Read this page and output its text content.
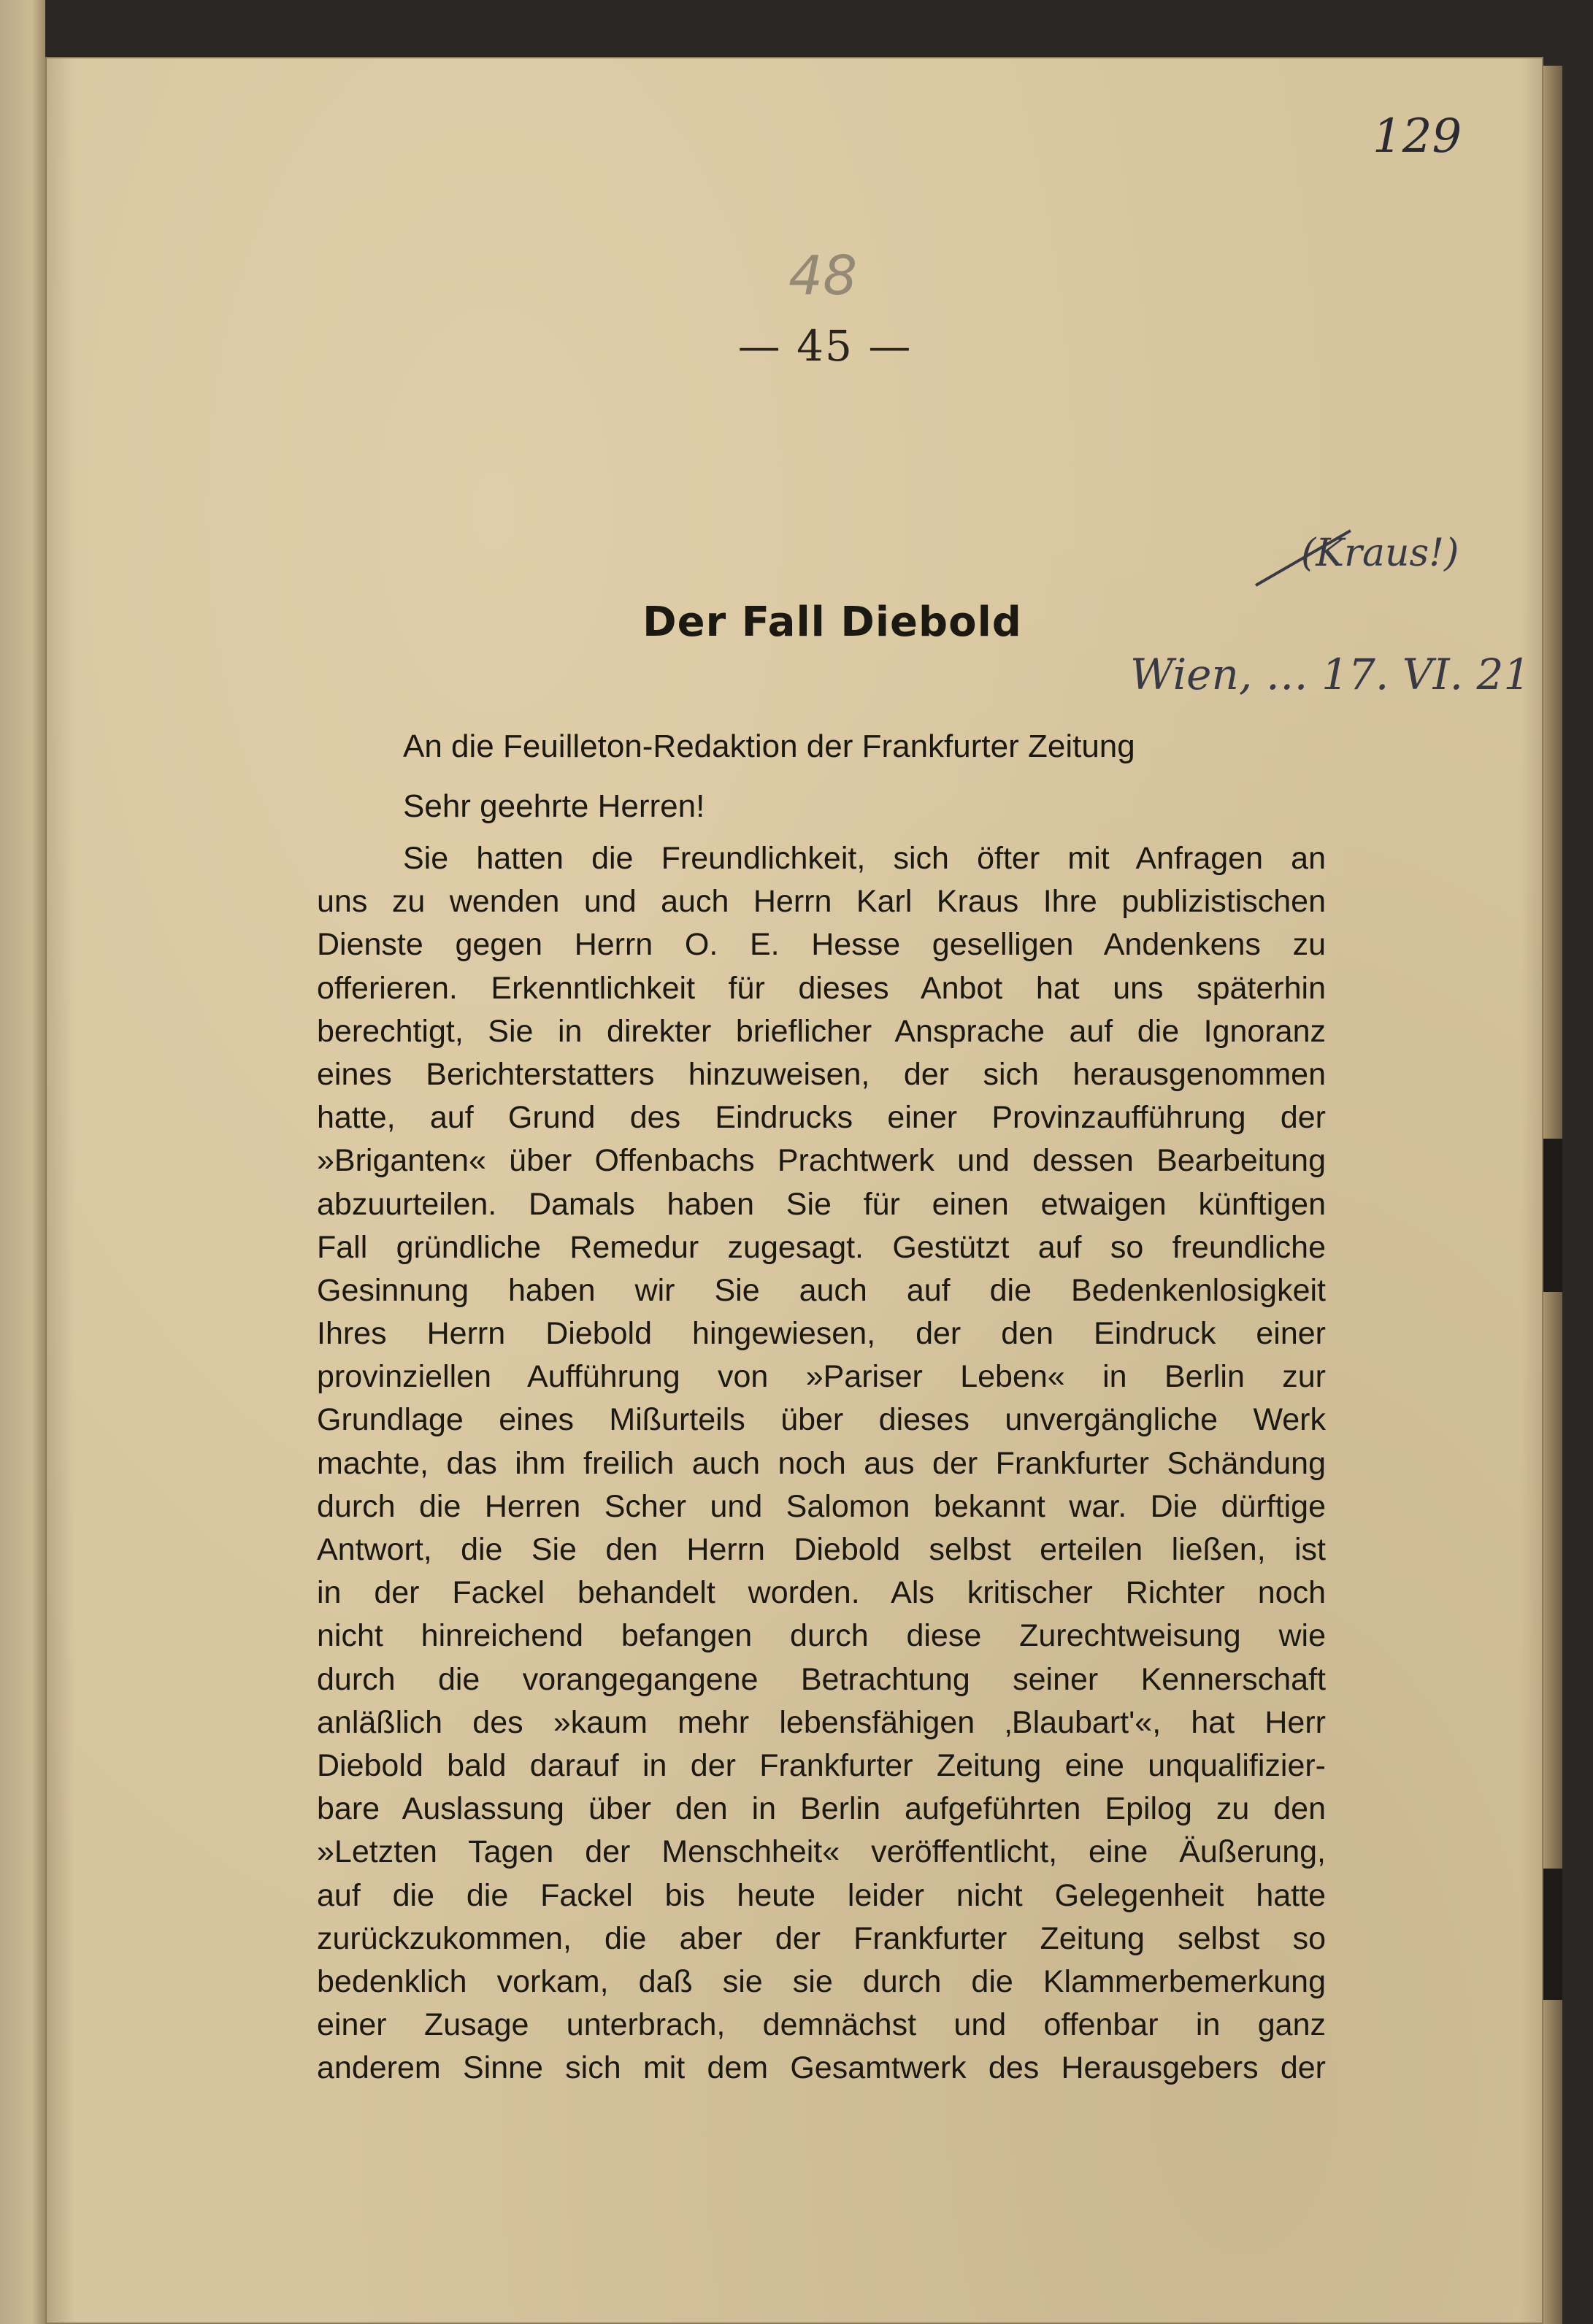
129
48
— 45 —
(Kraus!)
Wien, … 17. VI. 21
Der Fall Diebold
An die Feuilleton-Redaktion der Frankfurter Zeitung
Sehr geehrte Herren!
Sie hatten die Freundlichkeit, sich öfter mit Anfragen an
uns zu wenden und auch Herrn Karl Kraus Ihre publizistischen
Dienste gegen Herrn O. E. Hesse geselligen Andenkens zu
offerieren. Erkenntlichkeit für dieses Anbot hat uns späterhin
berechtigt, Sie in direkter brieflicher Ansprache auf die Ignoranz
eines Berichterstatters hinzuweisen, der sich herausgenommen
hatte, auf Grund des Eindrucks einer Provinzaufführung der
»Briganten« über Offenbachs Prachtwerk und dessen Bearbeitung
abzuurteilen. Damals haben Sie für einen etwaigen künftigen
Fall gründliche Remedur zugesagt. Gestützt auf so freundliche
Gesinnung haben wir Sie auch auf die Bedenkenlosigkeit
Ihres Herrn Diebold hingewiesen, der den Eindruck einer
provinziellen Aufführung von »Pariser Leben« in Berlin zur
Grundlage eines Mißurteils über dieses unvergängliche Werk
machte, das ihm freilich auch noch aus der Frankfurter Schändung
durch die Herren Scher und Salomon bekannt war. Die dürftige
Antwort, die Sie den Herrn Diebold selbst erteilen ließen, ist
in der Fackel behandelt worden. Als kritischer Richter noch
nicht hinreichend befangen durch diese Zurechtweisung wie
durch die vorangegangene Betrachtung seiner Kennerschaft
anläßlich des »kaum mehr lebensfähigen ‚Blaubart'«, hat Herr
Diebold bald darauf in der Frankfurter Zeitung eine unqualifizier-
bare Auslassung über den in Berlin aufgeführten Epilog zu den
»Letzten Tagen der Menschheit« veröffentlicht, eine Äußerung,
auf die die Fackel bis heute leider nicht Gelegenheit hatte
zurückzukommen, die aber der Frankfurter Zeitung selbst so
bedenklich vorkam, daß sie sie durch die Klammerbemerkung
einer Zusage unterbrach, demnächst und offenbar in ganz
anderem Sinne sich mit dem Gesamtwerk des Herausgebers der
